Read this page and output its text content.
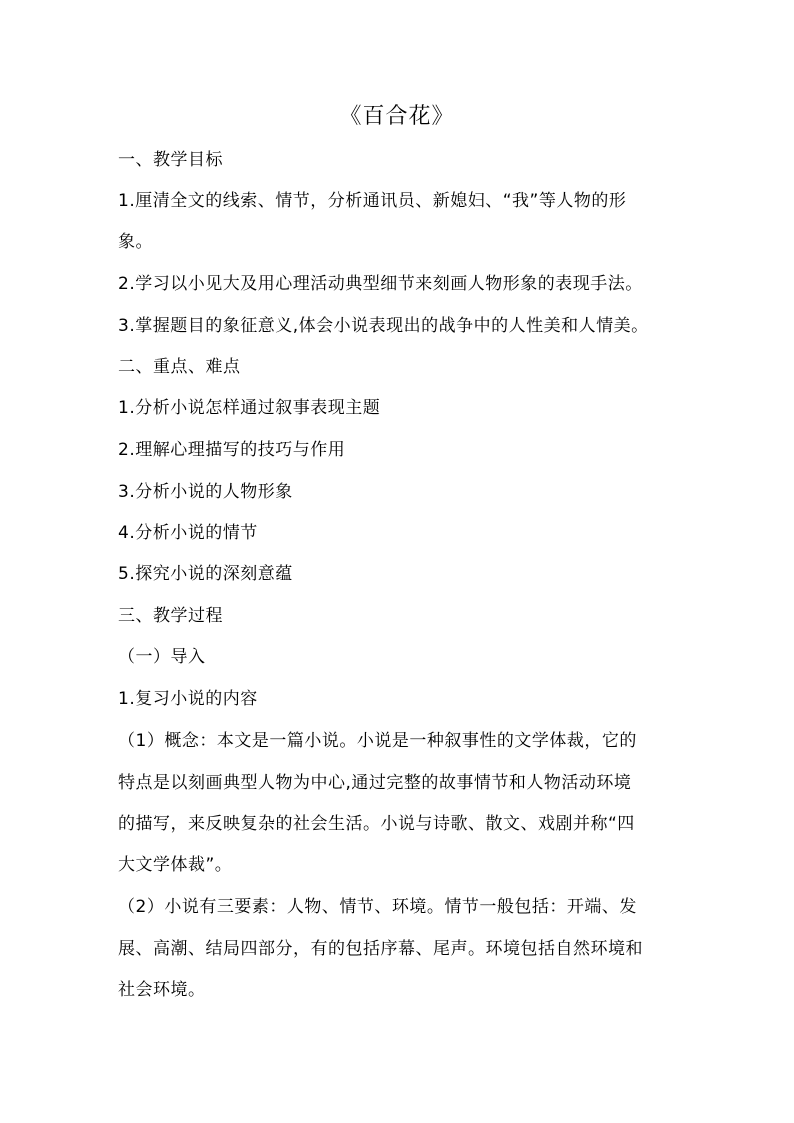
《百合花》
一、教学目标
1.厘清全文的线索、情节，分析通讯员、新媳妇、“我”等人物的形
象。
2.学习以小见大及用心理活动典型细节来刻画人物形象的表现手法。
3.掌握题目的象征意义,体会小说表现出的战争中的人性美和人情美。
二、重点、难点
1.分析小说怎样通过叙事表现主题
2.理解心理描写的技巧与作用
3.分析小说的人物形象
4.分析小说的情节
5.探究小说的深刻意蕴
三、教学过程
（一）导入
1.复习小说的内容
（1）概念：本文是一篇小说。小说是一种叙事性的文学体裁，它的
特点是以刻画典型人物为中心,通过完整的故事情节和人物活动环境
的描写，来反映复杂的社会生活。小说与诗歌、散文、戏剧并称“四
大文学体裁”。
（2）小说有三要素：人物、情节、环境。情节一般包括：开端、发
展、高潮、结局四部分，有的包括序幕、尾声。环境包括自然环境和
社会环境。
